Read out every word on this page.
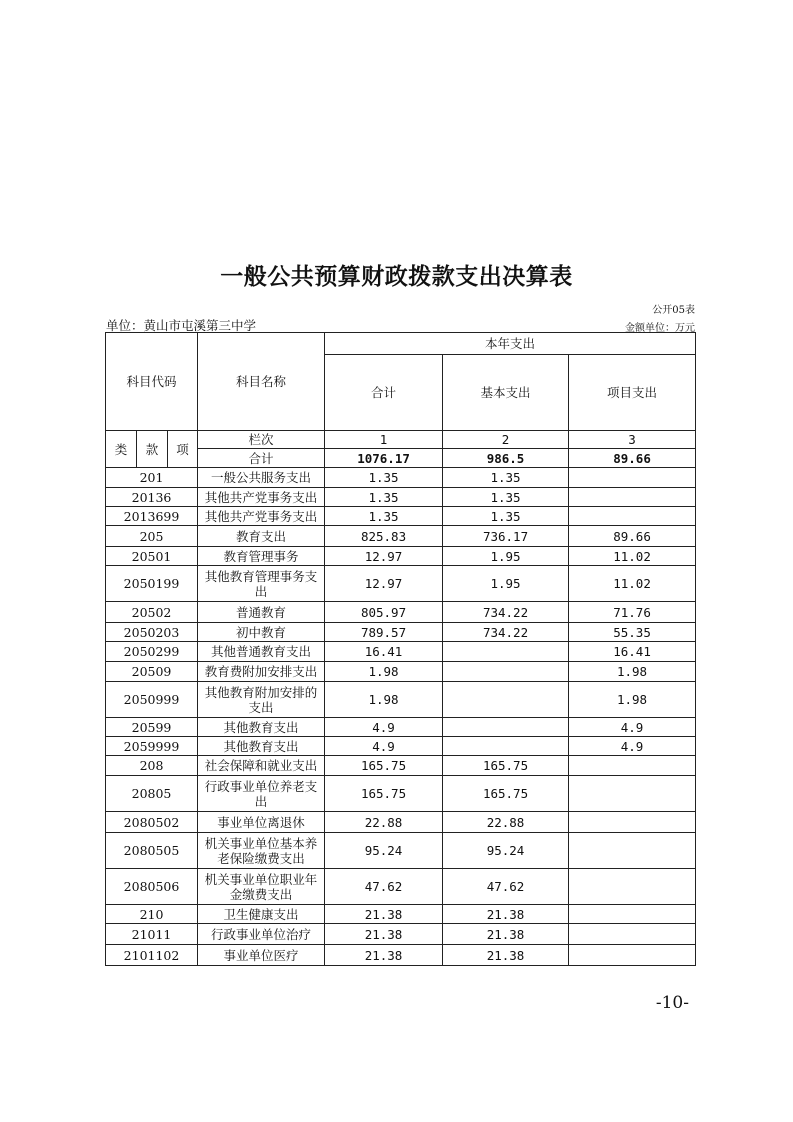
一般公共预算财政拨款支出决算表
公开05表
单位：黄山市屯溪第三中学	金额单位：万元
科目代码			科目名称	本年支出		
				合计	基本支出	项目支出
类	款	项	栏次	1	2	3
			合计	1076.17	986.5	89.66
201			一般公共服务支出	1.35	1.35	
20136			其他共产党事务支出	1.35	1.35	
2013699			其他共产党事务支出	1.35	1.35	
205			教育支出	825.83	736.17	89.66
20501			教育管理事务	12.97	1.95	11.02
2050199			其他教育管理事务支出	12.97	1.95	11.02
20502			普通教育	805.97	734.22	71.76
2050203			初中教育	789.57	734.22	55.35
2050299			其他普通教育支出	16.41		16.41
20509			教育费附加安排支出	1.98		1.98
2050999			其他教育附加安排的支出	1.98		1.98
20599			其他教育支出	4.9		4.9
2059999			其他教育支出	4.9		4.9
208			社会保障和就业支出	165.75	165.75	
20805			行政事业单位养老支出	165.75	165.75	
2080502			事业单位离退休	22.88	22.88	
2080505			机关事业单位基本养老保险缴费支出	95.24	95.24	
2080506			机关事业单位职业年金缴费支出	47.62	47.62	
210			卫生健康支出	21.38	21.38	
21011			行政事业单位治疗	21.38	21.38	
2101102			事业单位医疗	21.38	21.38	
-10-
